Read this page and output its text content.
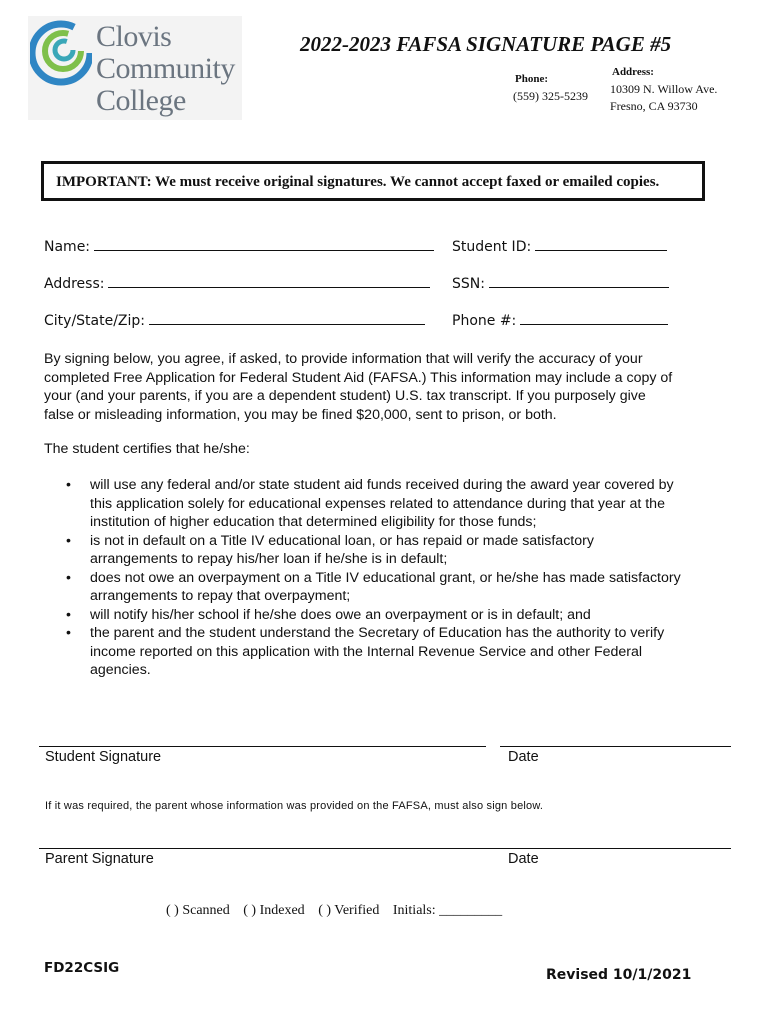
Clovis
Community
College
2022-2023 FAFSA SIGNATURE PAGE #5
Phone:
(559) 325-5239
Address:
10309 N. Willow Ave.
Fresno, CA 93730
IMPORTANT: We must receive original signatures. We cannot accept faxed or emailed copies.
Name:	Student ID:
Address:	SSN:
City/State/Zip:	Phone #:
By signing below, you agree, if asked, to provide information that will verify the accuracy of your
completed Free Application for Federal Student Aid (FAFSA.) This information may include a copy of
your (and your parents, if you are a dependent student) U.S. tax transcript. If you purposely give
false or misleading information, you may be fined $20,000, sent to prison, or both.
The student certifies that he/she:
• will use any federal and/or state student aid funds received during the award year covered by
this application solely for educational expenses related to attendance during that year at the
institution of higher education that determined eligibility for those funds;
• is not in default on a Title IV educational loan, or has repaid or made satisfactory
arrangements to repay his/her loan if he/she is in default;
• does not owe an overpayment on a Title IV educational grant, or he/she has made satisfactory
arrangements to repay that overpayment;
• will notify his/her school if he/she does owe an overpayment or is in default; and
• the parent and the student understand the Secretary of Education has the authority to verify
income reported on this application with the Internal Revenue Service and other Federal
agencies.
Student Signature	Date
If it was required, the parent whose information was provided on the FAFSA, must also sign below.
Parent Signature	Date
( ) Scanned ( ) Indexed ( ) Verified Initials: _________
FD22CSIG	Revised 10/1/2021
